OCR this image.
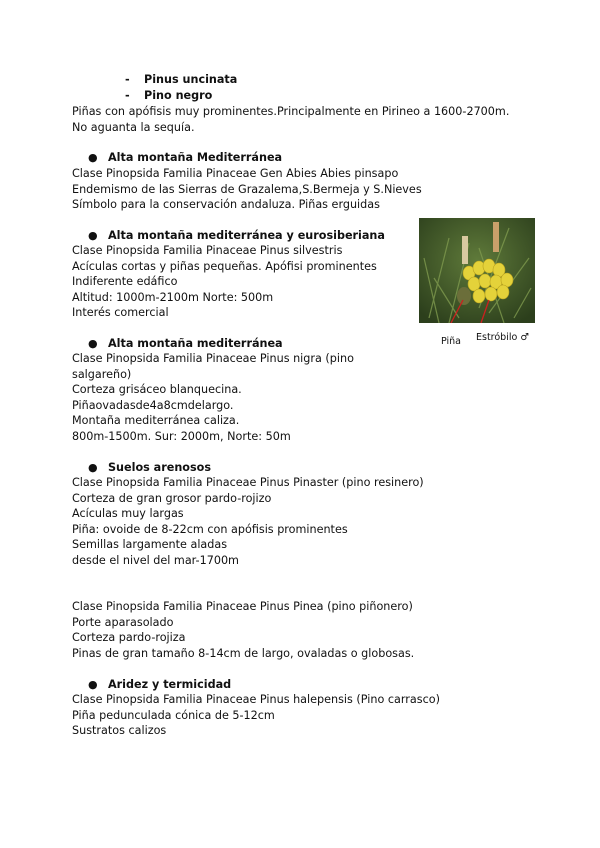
- Pinus uncinata
- Pino negro
Piñas con apófisis muy prominentes.Principalmente en Pirineo a 1600-2700m.
No aguanta la sequía.
● Alta montaña Mediterránea
Clase Pinopsida Familia Pinaceae Gen Abies Abies pinsapo
Endemismo de las Sierras de Grazalema,S.Bermeja y S.Nieves
Símbolo para la conservación andaluza. Piñas erguidas
● Alta montaña mediterránea y eurosiberiana
Clase Pinopsida Familia Pinaceae Pinus silvestris
Acículas cortas y piñas pequeñas. Apófisi prominentes
Indiferente edáfico
Altitud: 1000m-2100m Norte: 500m
Interés comercial
● Alta montaña mediterránea
Clase Pinopsida Familia Pinaceae Pinus nigra (pino
salgareño)
Corteza grisáceo blanquecina.
Piñaovadasde4a8cmdelargo.
Montaña mediterránea caliza.
800m-1500m. Sur: 2000m, Norte: 50m
● Suelos arenosos
Clase Pinopsida Familia Pinaceae Pinus Pinaster (pino resinero)
Corteza de gran grosor pardo-rojizo
Acículas muy largas
Piña: ovoide de 8-22cm con apófisis prominentes
Semillas largamente aladas
desde el nivel del mar-1700m
Clase Pinopsida Familia Pinaceae Pinus Pinea (pino piñonero)
Porte aparasolado
Corteza pardo-rojiza
Pinas de gran tamaño 8-14cm de largo, ovaladas o globosas.
● Aridez y termicidad
Clase Pinopsida Familia Pinaceae Pinus halepensis (Pino carrasco)
Piña pedunculada cónica de 5-12cm
Sustratos calizos
Piña Estróbilo ♂
